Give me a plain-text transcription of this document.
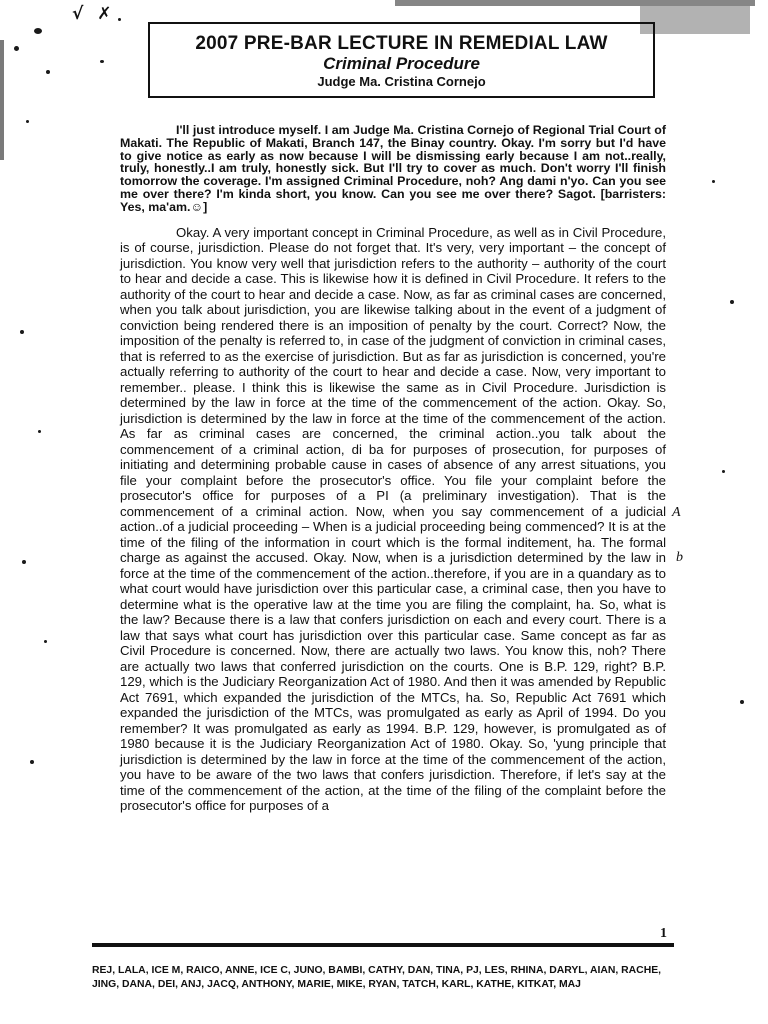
√ ✗
2007 PRE-BAR LECTURE IN REMEDIAL LAW
Criminal Procedure
Judge Ma. Cristina Cornejo

I'll just introduce myself. I am Judge Ma. Cristina Cornejo of Regional Trial Court of Makati. The Republic of Makati, Branch 147, the Binay country. Okay. I'm sorry but I'd have to give notice as early as now because I will be dismissing early because I am not..really, truly, honestly..I am truly, honestly sick. But I'll try to cover as much. Don't worry I'll finish tomorrow the coverage. I'm assigned Criminal Procedure, noh? Ang dami n'yo. Can you see me over there? I'm kinda short, you know. Can you see me over there? Sagot. [barristers: Yes, ma'am.☺]

Okay. A very important concept in Criminal Procedure, as well as in Civil Procedure, is of course, jurisdiction. Please do not forget that. It's very, very important – the concept of jurisdiction. You know very well that jurisdiction refers to the authority – authority of the court to hear and decide a case. This is likewise how it is defined in Civil Procedure. It refers to the authority of the court to hear and decide a case. Now, as far as criminal cases are concerned, when you talk about jurisdiction, you are likewise talking about in the event of a judgment of conviction being rendered there is an imposition of penalty by the court. Correct? Now, the imposition of the penalty is referred to, in case of the judgment of conviction in criminal cases, that is referred to as the exercise of jurisdiction. But as far as jurisdiction is concerned, you're actually referring to authority of the court to hear and decide a case. Now, very important to remember.. please. I think this is likewise the same as in Civil Procedure. Jurisdiction is determined by the law in force at the time of the commencement of the action. Okay. So, jurisdiction is determined by the law in force at the time of the commencement of the action. As far as criminal cases are concerned, the criminal action..you talk about the commencement of a criminal action, di ba for purposes of prosecution, for purposes of initiating and determining probable cause in cases of absence of any arrest situations, you file your complaint before the prosecutor's office. You file your complaint before the prosecutor's office for purposes of a PI (a preliminary investigation). That is the commencement of a criminal action. Now, when you say commencement of a judicial action..of a judicial proceeding – When is a judicial proceeding being commenced? It is at the time of the filing of the information in court which is the formal inditement, ha. The formal charge as against the accused. Okay. Now, when is a jurisdiction determined by the law in force at the time of the commencement of the action..therefore, if you are in a quandary as to what court would have jurisdiction over this particular case, a criminal case, then you have to determine what is the operative law at the time you are filing the complaint, ha. So, what is the law? Because there is a law that confers jurisdiction on each and every court. There is a law that says what court has jurisdiction over this particular case. Same concept as far as Civil Procedure is concerned. Now, there are actually two laws. You know this, noh? There are actually two laws that conferred jurisdiction on the courts. One is B.P. 129, right? B.P. 129, which is the Judiciary Reorganization Act of 1980. And then it was amended by Republic Act 7691, which expanded the jurisdiction of the MTCs, ha. So, Republic Act 7691 which expanded the jurisdiction of the MTCs, was promulgated as early as April of 1994. Do you remember? It was promulgated as early as 1994. B.P. 129, however, is promulgated as of 1980 because it is the Judiciary Reorganization Act of 1980. Okay. So, 'yung principle that jurisdiction is determined by the law in force at the time of the commencement of the action, you have to be aware of the two laws that confers jurisdiction. Therefore, if let's say at the time of the commencement of the action, at the time of the filing of the complaint before the prosecutor's office for purposes of a

A
b
1
REJ, LALA, ICE M, RAICO, ANNE, ICE C, JUNO, BAMBI, CATHY, DAN, TINA, PJ, LES, RHINA, DARYL, AIAN, RACHE, JING, DANA, DEI, ANJ, JACQ, ANTHONY, MARIE, MIKE, RYAN, TATCH, KARL, KATHE, KITKAT, MAJ
